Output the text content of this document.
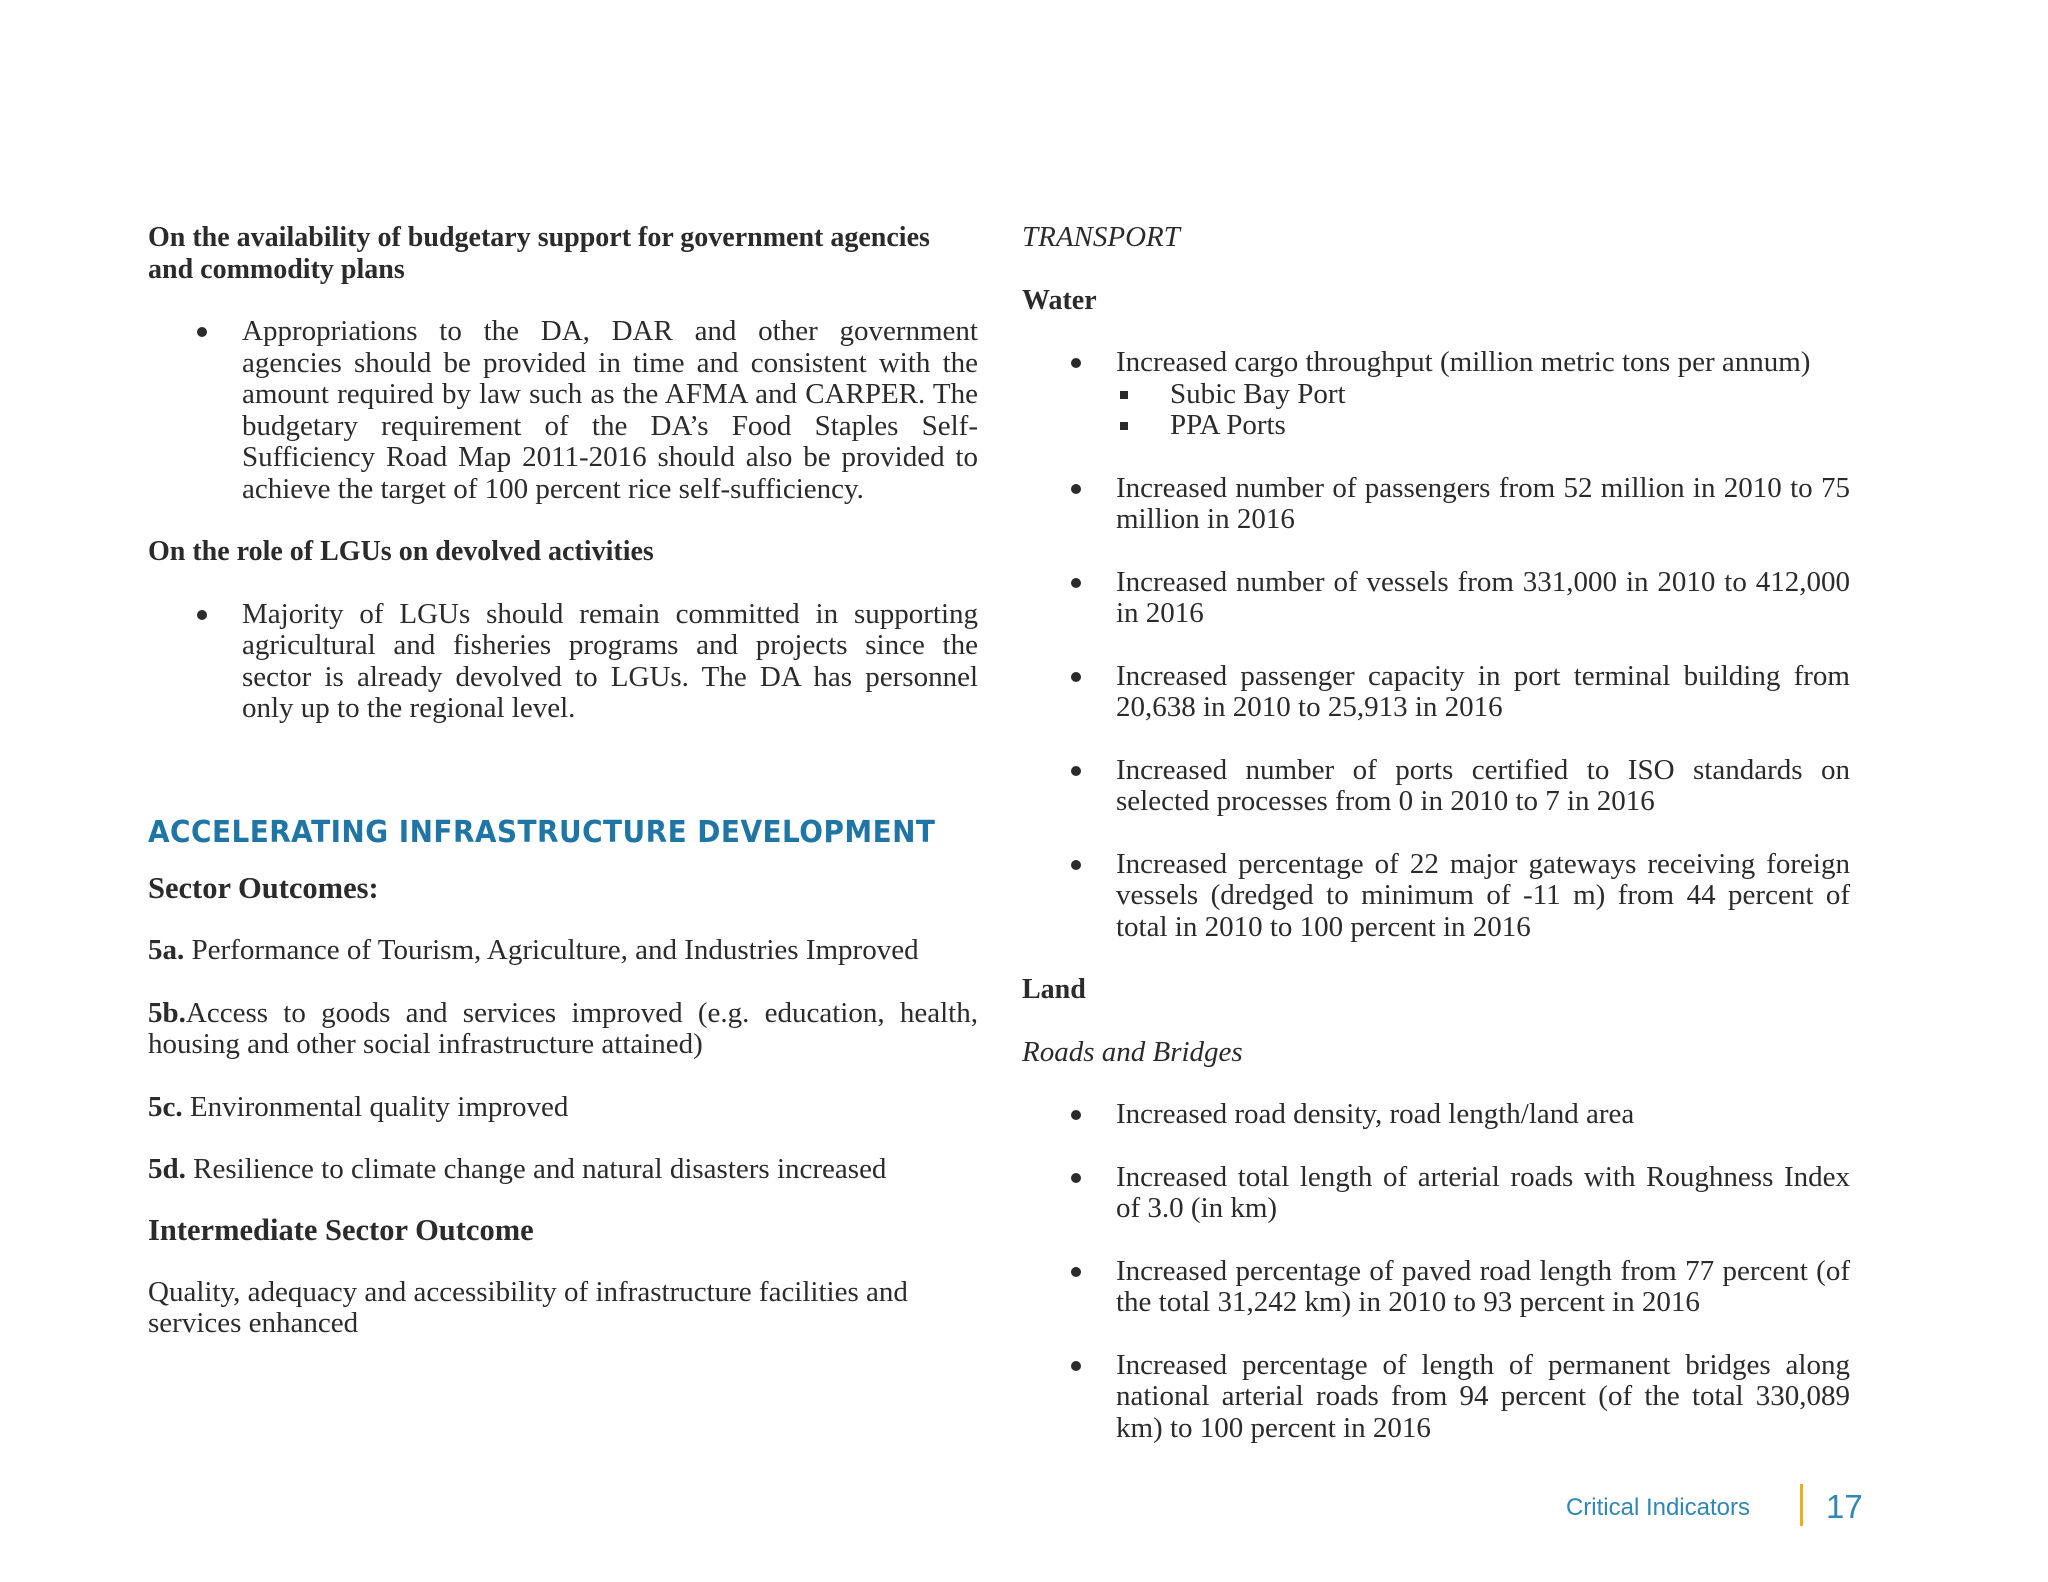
On the availability of budgetary support for government agencies and commodity plans

Appropriations to the DA, DAR and other government agencies should be provided in time and consistent with the amount required by law such as the AFMA and CARPER. The budgetary requirement of the DA’s Food Staples Self-Sufficiency Road Map 2011-2016 should also be provided to achieve the target of 100 percent rice self-sufficiency.

On the role of LGUs on devolved activities

Majority of LGUs should remain committed in supporting agricultural and fisheries programs and projects since the sector is already devolved to LGUs. The DA has personnel only up to the regional level.

ACCELERATING INFRASTRUCTURE DEVELOPMENT

Sector Outcomes:

5a. Performance of Tourism, Agriculture, and Industries Improved

5b.Access to goods and services improved (e.g. education, health, housing and other social infrastructure attained)

5c. Environmental quality improved

5d. Resilience to climate change and natural disasters increased

Intermediate Sector Outcome

Quality, adequacy and accessibility of infrastructure facilities and services enhanced

TRANSPORT

Water

Increased cargo throughput (million metric tons per annum)
Subic Bay Port
PPA Ports
Increased number of passengers from 52 million in 2010 to 75 million in 2016
Increased number of vessels from 331,000 in 2010 to 412,000 in 2016
Increased passenger capacity in port terminal building from 20,638 in 2010 to 25,913 in 2016
Increased number of ports certified to ISO standards on selected processes from 0 in 2010 to 7 in 2016
Increased percentage of 22 major gateways receiving foreign vessels (dredged to minimum of -11 m) from 44 percent of total in 2010 to 100 percent in 2016

Land

Roads and Bridges

Increased road density, road length/land area
Increased total length of arterial roads with Roughness Index of 3.0 (in km)
Increased percentage of paved road length from 77 percent (of the total 31,242 km) in 2010 to 93 percent in 2016
Increased percentage of length of permanent bridges along national arterial roads from 94 percent (of the total 330,089 km) to 100 percent in 2016
Critical Indicators 17
